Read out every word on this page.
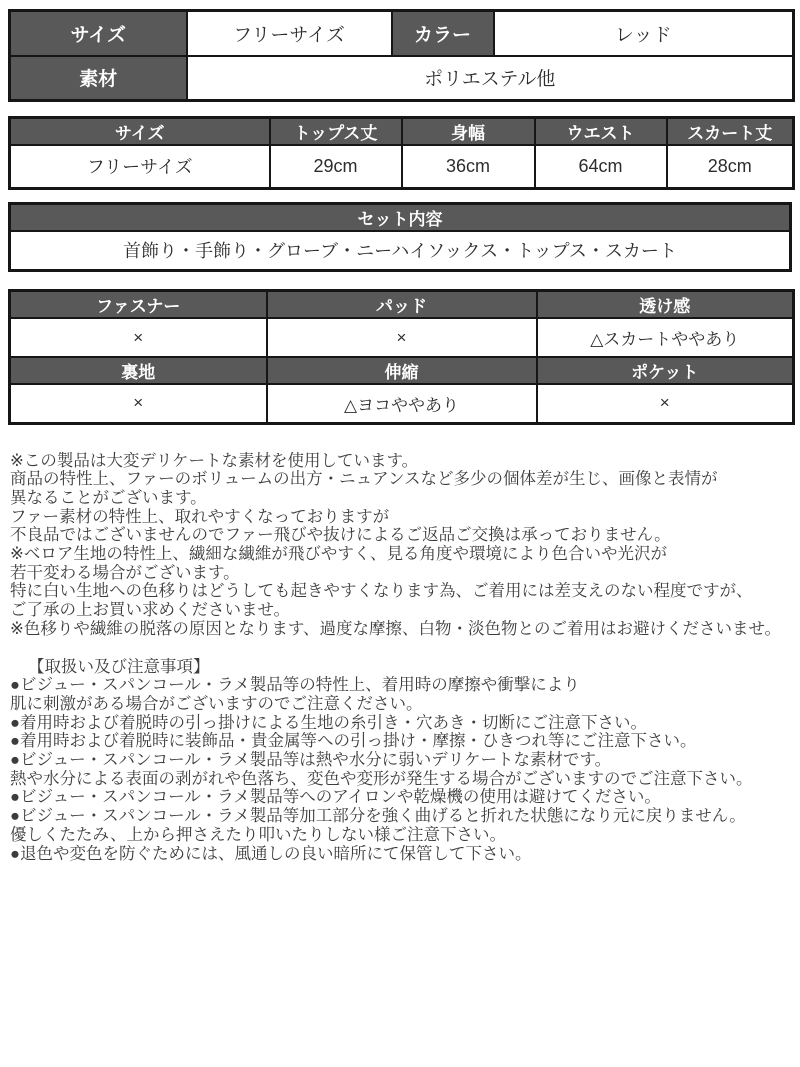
サイズ	フリーサイズ	カラー	レッド
素材	ポリエステル他		
サイズ	トップス丈	身幅	ウエスト	スカート丈
フリーサイズ	29cm	36cm	64cm	28cm
セット内容
首飾り・手飾り・グローブ・ニーハイソックス・トップス・スカート
ファスナー	パッド	透け感
×	×	△スカートややあり
裏地	伸縮	ポケット
×	△ヨコややあり	×
※この製品は大変デリケートな素材を使用しています。
商品の特性上、ファーのボリュームの出方・ニュアンスなど多少の個体差が生じ、画像と表情が
異なることがございます。
ファー素材の特性上、取れやすくなっておりますが
不良品ではございませんのでファー飛びや抜けによるご返品ご交換は承っておりません。
※ベロア生地の特性上、繊細な繊維が飛びやすく、見る角度や環境により色合いや光沢が
若干変わる場合がございます。
特に白い生地への色移りはどうしても起きやすくなります為、ご着用には差支えのない程度ですが、
ご了承の上お買い求めくださいませ。
※色移りや繊維の脱落の原因となります、過度な摩擦、白物・淡色物とのご着用はお避けくださいませ。
【取扱い及び注意事項】
●ビジュー・スパンコール・ラメ製品等の特性上、着用時の摩擦や衝撃により
肌に刺激がある場合がございますのでご注意ください。
●着用時および着脱時の引っ掛けによる生地の糸引き・穴あき・切断にご注意下さい。
●着用時および着脱時に装飾品・貴金属等への引っ掛け・摩擦・ひきつれ等にご注意下さい。
●ビジュー・スパンコール・ラメ製品等は熱や水分に弱いデリケートな素材です。
熱や水分による表面の剥がれや色落ち、変色や変形が発生する場合がございますのでご注意下さい。
●ビジュー・スパンコール・ラメ製品等へのアイロンや乾燥機の使用は避けてください。
●ビジュー・スパンコール・ラメ製品等加工部分を強く曲げると折れた状態になり元に戻りません。
優しくたたみ、上から押さえたり叩いたりしない様ご注意下さい。
●退色や変色を防ぐためには、風通しの良い暗所にて保管して下さい。
